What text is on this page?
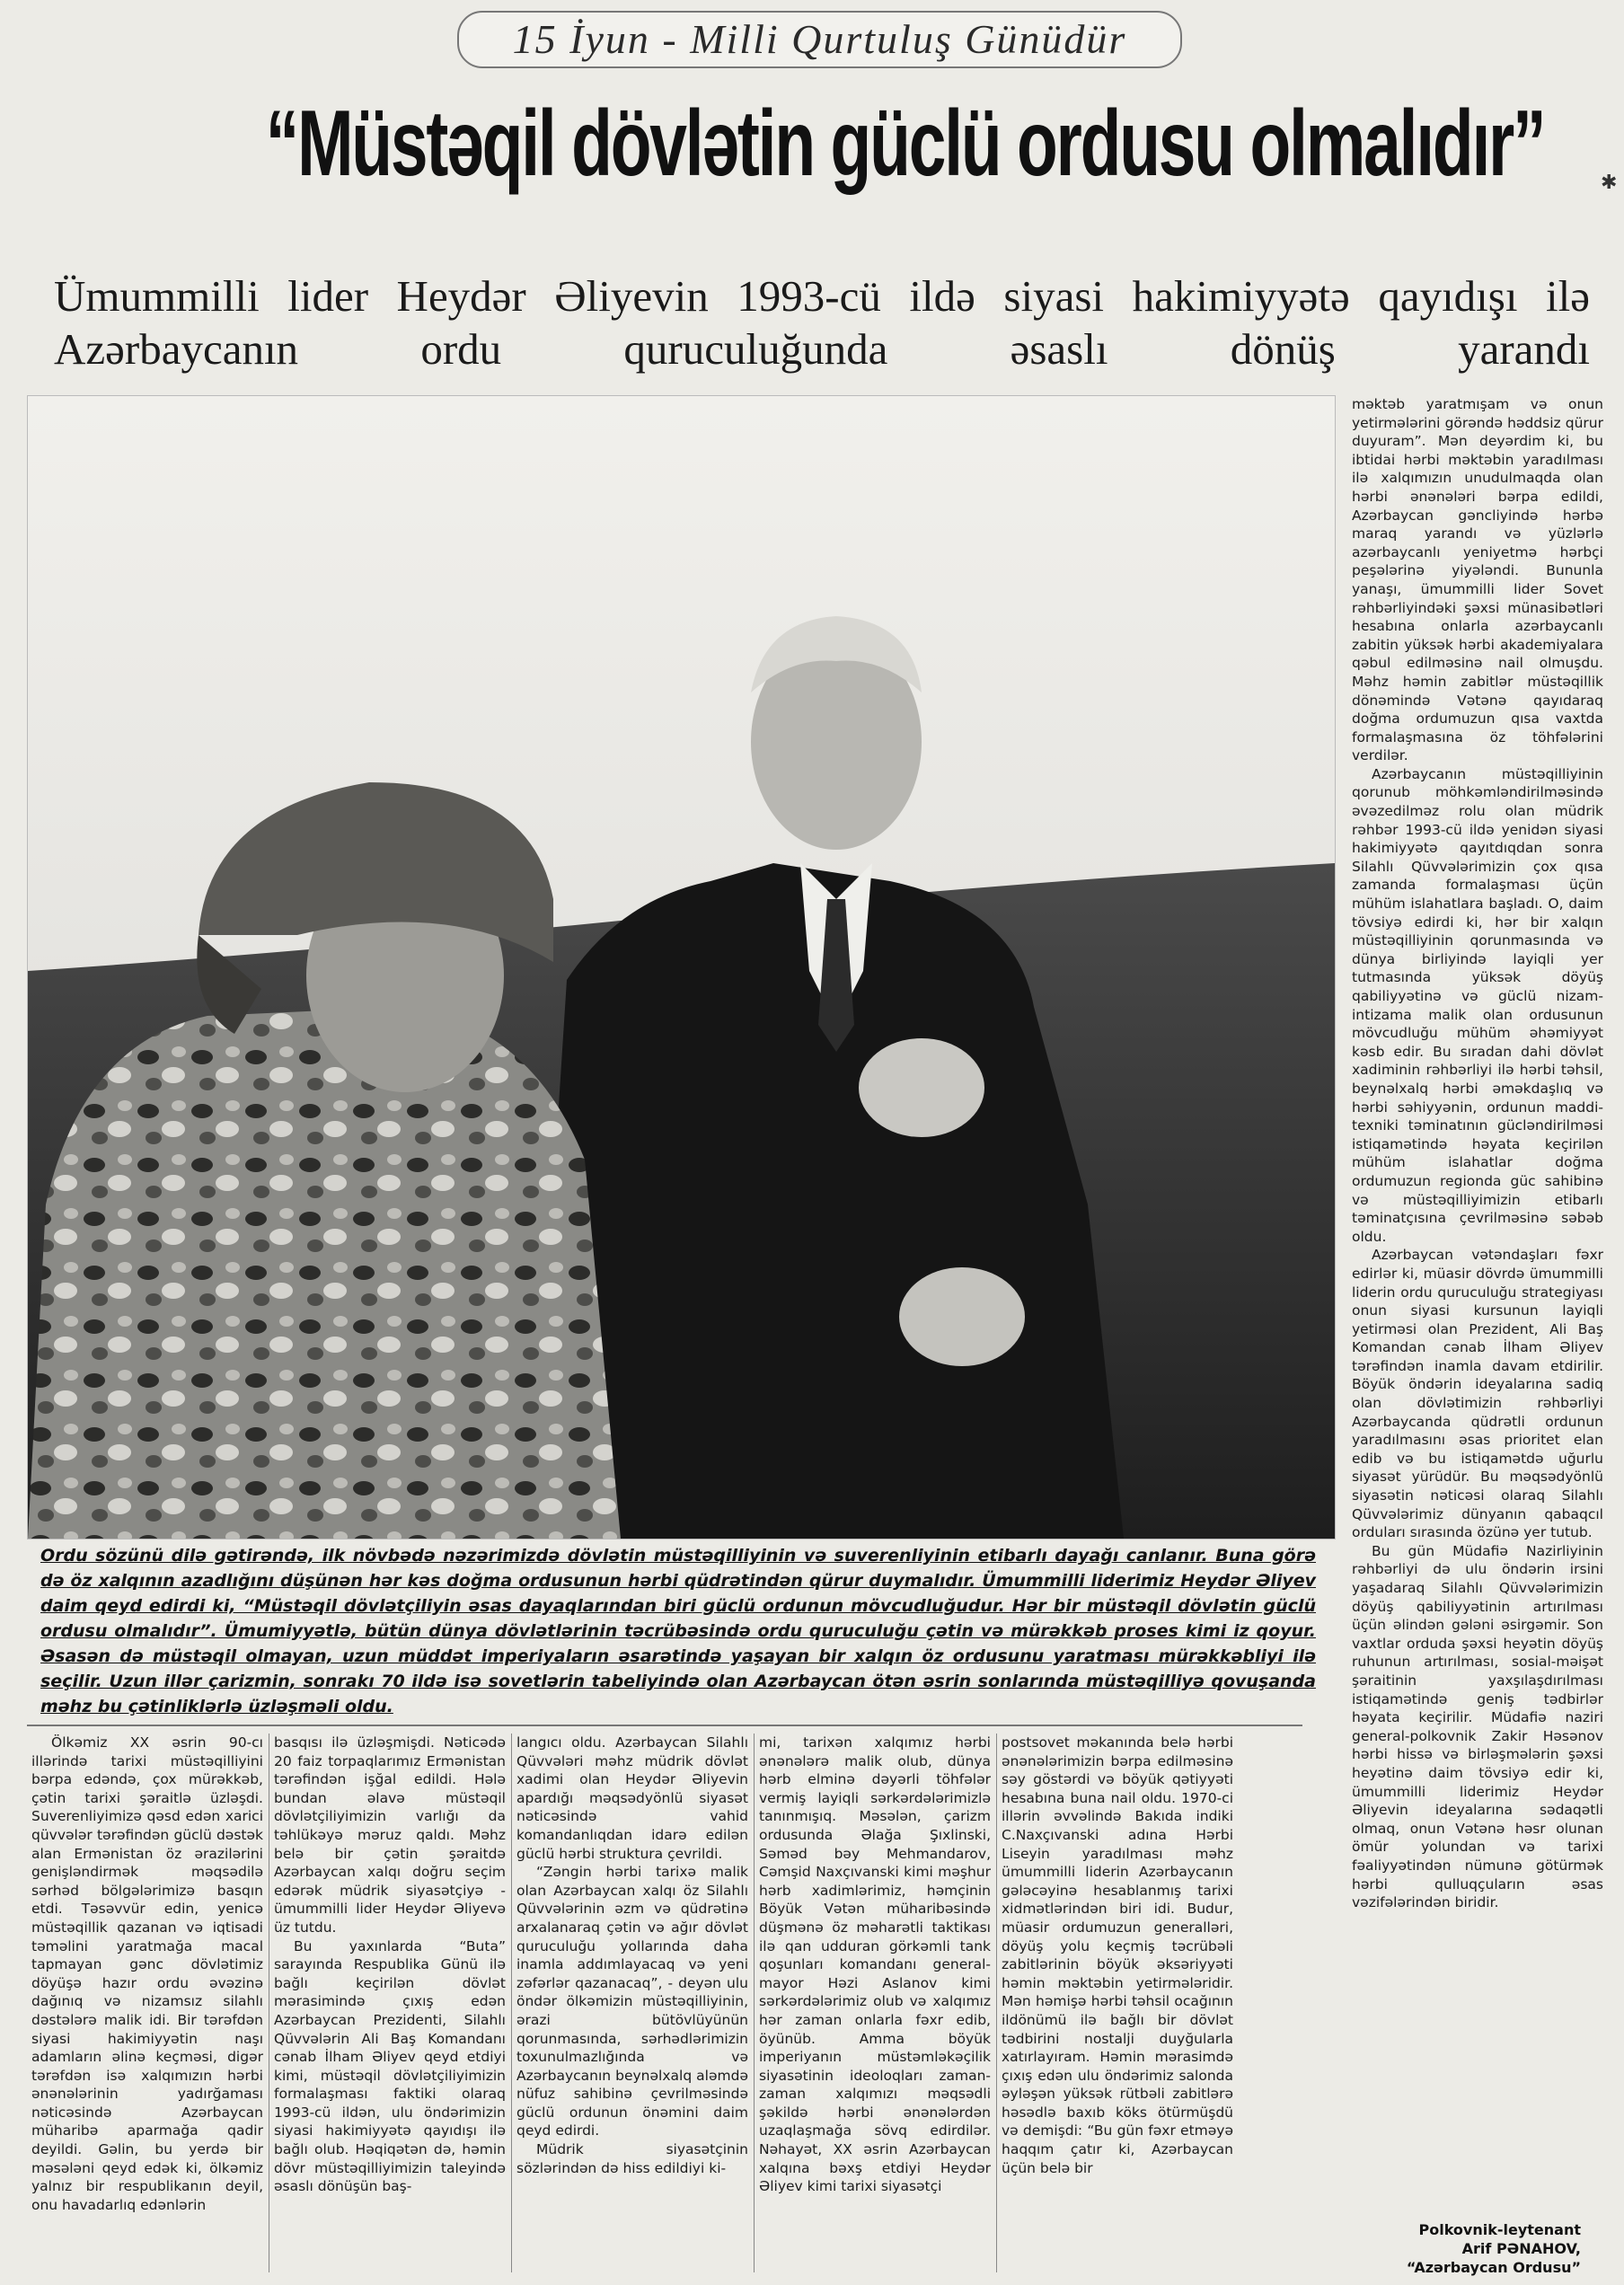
15 İyun - Milli Qurtuluş Günüdür
“Müstəqil dövlətin güclü ordusu olmalıdır”	✱
Ümummilli lider Heydər Əliyevin 1993-cü ildə siyasi hakimiyyətə qayıdışı ilə Azərbaycanın ordu quruculuğunda əsaslı dönüş yarandı

məktəb yaratmışam və onun yetirmələrini görəndə həddsiz qürur duyuram”. Mən deyərdim ki, bu ibtidai hərbi məktəbin yaradılması ilə xalqımızın unudulmaqda olan hərbi ənənələri bərpa edildi, Azərbaycan gəncliyində hərbə maraq yarandı və yüzlərlə azərbaycanlı yeniyetmə hərbçi peşələrinə yiyələndi. Bununla yanaşı, ümummilli lider Sovet rəhbərliyindəki şəxsi münasibətləri hesabına onlarla azərbaycanlı zabitin yüksək hərbi akademiyalara qəbul edilməsinə nail olmuşdu. Məhz həmin zabitlər müstəqillik dönəmində Vətənə qayıdaraq doğma ordumuzun qısa vaxtda formalaşmasına öz töhfələrini verdilər.

Azərbaycanın müstəqilliyinin qorunub möhkəmləndirilməsində əvəzedilməz rolu olan müdrik rəhbər 1993-cü ildə yenidən siyasi hakimiyyətə qayıtdıqdan sonra Silahlı Qüvvələrimizin çox qısa zamanda formalaşması üçün mühüm islahatlara başladı. O, daim tövsiyə edirdi ki, hər bir xalqın müstəqilliyinin qorunmasında və dünya birliyində layiqli yer tutmasında yüksək döyüş qabiliyyətinə və güclü nizam-intizama malik olan ordusunun mövcudluğu mühüm əhəmiyyət kəsb edir. Bu sıradan dahi dövlət xadiminin rəhbərliyi ilə hərbi təhsil, beynəlxalq hərbi əməkdaşlıq və hərbi səhiyyənin, ordunun maddi-texniki təminatının gücləndirilməsi istiqamətində həyata keçirilən mühüm islahatlar doğma ordumuzun regionda güc sahibinə və müstəqilliyimizin etibarlı təminatçısına çevrilməsinə səbəb oldu.

Azərbaycan vətəndaşları fəxr edirlər ki, müasir dövrdə ümummilli liderin ordu quruculuğu strategiyası onun siyasi kursunun layiqli yetirməsi olan Prezident, Ali Baş Komandan cənab İlham Əliyev tərəfindən inamla davam etdirilir. Böyük öndərin ideyalarına sadiq olan dövlətimizin rəhbərliyi Azərbaycanda qüdrətli ordunun yaradılmasını əsas prioritet elan edib və bu istiqamətdə uğurlu siyasət yürüdür. Bu məqsədyönlü siyasətin nəticəsi olaraq Silahlı Qüvvələrimiz dünyanın qabaqcıl orduları sırasında özünə yer tutub.

Bu gün Müdafiə Nazirliyinin rəhbərliyi də ulu öndərin irsini yaşadaraq Silahlı Qüvvələrimizin döyüş qabiliyyətinin artırılması üçün əlindən gələni əsirgəmir. Son vaxtlar orduda şəxsi heyətin döyüş ruhunun artırılması, sosial-məişət şəraitinin yaxşılaşdırılması istiqamətində geniş tədbirlər həyata keçirilir. Müdafiə naziri general-polkovnik Zakir Həsənov hərbi hissə və birləşmələrin şəxsi heyətinə daim tövsiyə edir ki, ümummilli liderimiz Heydər Əliyevin ideyalarına sədaqətli olmaq, onun Vətənə həsr olunan ömür yolundan və tarixi fəaliyyətindən nümunə götürmək hərbi qulluqçuların əsas vəzifələrindən biridir.

Ordu sözünü dilə gətirəndə, ilk növbədə nəzərimizdə dövlətin müstəqilliyinin və suverenliyinin etibarlı dayağı canlanır. Buna görə də öz xalqının azadlığını düşünən hər kəs doğma ordusunun hərbi qüdrətindən qürur duymalıdır. Ümummilli liderimiz Heydər Əliyev daim qeyd edirdi ki, “Müstəqil dövlətçiliyin əsas dayaqlarından biri güclü ordunun mövcudluğudur. Hər bir müstəqil dövlətin güclü ordusu olmalıdır”. Ümumiyyətlə, bütün dünya dövlətlərinin təcrübəsində ordu quruculuğu çətin və mürəkkəb proses kimi iz qoyur. Əsasən də müstəqil olmayan, uzun müddət imperiyaların əsarətində yaşayan bir xalqın öz ordusunu yaratması mürəkkəbliyi ilə seçilir. Uzun illər çarizmin, sonrakı 70 ildə isə sovetlərin tabeliyində olan Azərbaycan ötən əsrin sonlarında müstəqilliyə qovuşanda məhz bu çətinliklərlə üzləşməli oldu.

Ölkəmiz XX əsrin 90-cı illərində tarixi müstəqilliyini bərpa edəndə, çox mürəkkəb, çətin tarixi şəraitlə üzləşdi. Suverenliyimizə qəsd edən xarici qüvvələr tərəfindən güclü dəstək alan Ermənistan öz ərazilərini genişləndirmək məqsədilə sərhəd bölgələrimizə basqın etdi. Təsəvvür edin, yenicə müstəqillik qazanan və iqtisadi təməlini yaratmağa macal tapmayan gənc dövlətimiz döyüşə hazır ordu əvəzinə dağınıq və nizamsız silahlı dəstələrə malik idi. Bir tərəfdən siyasi hakimiyyətin naşı adamların əlinə keçməsi, digər tərəfdən isə xalqımızın hərbi ənənələrinin yadırğaması nəticəsində Azərbaycan müharibə aparmağa qadir deyildi. Gəlin, bu yerdə bir məsələni qeyd edək ki, ölkəmiz yalnız bir respublikanın deyil, onu havadarlıq edənlərin

basqısı ilə üzləşmişdi. Nəticədə 20 faiz torpaqlarımız Ermənistan tərəfindən işğal edildi. Hələ bundan əlavə müstəqil dövlətçiliyimizin varlığı da təhlükəyə məruz qaldı. Məhz belə bir çətin şəraitdə Azərbaycan xalqı doğru seçim edərək müdrik siyasətçiyə - ümummilli lider Heydər Əliyevə üz tutdu.

Bu yaxınlarda “Buta” sarayında Respublika Günü ilə bağlı keçirilən dövlət mərasimində çıxış edən Azərbaycan Prezidenti, Silahlı Qüvvələrin Ali Baş Komandanı cənab İlham Əliyev qeyd etdiyi kimi, müstəqil dövlətçiliyimizin formalaşması faktiki olaraq 1993-cü ildən, ulu öndərimizin siyasi hakimiyyətə qayıdışı ilə bağlı olub. Həqiqətən də, həmin dövr müstəqilliyimizin taleyində əsaslı dönüşün baş-

langıcı oldu. Azərbaycan Silahlı Qüvvələri məhz müdrik dövlət xadimi olan Heydər Əliyevin apardığı məqsədyönlü siyasət nəticəsində vahid komandanlıqdan idarə edilən güclü hərbi struktura çevrildi.

“Zəngin hərbi tarixə malik olan Azərbaycan xalqı öz Silahlı Qüvvələrinin əzm və qüdrətinə arxalanaraq çətin və ağır dövlət quruculuğu yollarında daha inamla addımlayacaq və yeni zəfərlər qazanacaq”, - deyən ulu öndər ölkəmizin müstəqilliyinin, ərazi bütövlüyünün qorunmasında, sərhədlərimizin toxunulmazlığında və Azərbaycanın beynəlxalq aləmdə nüfuz sahibinə çevrilməsində güclü ordunun önəmini daim qeyd edirdi.

Müdrik siyasətçinin sözlərindən də hiss edildiyi ki-

mi, tarixən xalqımız hərbi ənənələrə malik olub, dünya hərb elminə dəyərli töhfələr vermiş layiqli sərkərdələrimizlə tanınmışıq. Məsələn, çarizm ordusunda Əlağa Şıxlinski, Səməd bəy Mehmandarov, Cəmşid Naxçıvanski kimi məşhur hərb xadimlərimiz, həmçinin Böyük Vətən müharibəsində düşmənə öz məharətli taktikası ilə qan udduran görkəmli tank qoşunları komandanı general-mayor Həzi Aslanov kimi sərkərdələrimiz olub və xalqımız hər zaman onlarla fəxr edib, öyünüb. Amma böyük imperiyanın müstəmləkəçilik siyasətinin ideoloqları zaman-zaman xalqımızı məqsədli şəkildə hərbi ənənələrdən uzaqlaşmağa sövq edirdilər. Nəhayət, XX əsrin Azərbaycan xalqına bəxş etdiyi Heydər Əliyev kimi tarixi siyasətçi

postsovet məkanında belə hərbi ənənələrimizin bərpa edilməsinə səy göstərdi və böyük qətiyyəti hesabına buna nail oldu. 1970-ci illərin əvvəlində Bakıda indiki C.Naxçıvanski adına Hərbi Liseyin yaradılması məhz ümummilli liderin Azərbaycanın gələcəyinə hesablanmış tarixi xidmətlərindən biri idi. Budur, müasir ordumuzun generalləri, döyüş yolu keçmiş təcrübəli zabitlərinin böyük əksəriyyəti həmin məktəbin yetirmələridir. Mən həmişə hərbi təhsil ocağının ildönümü ilə bağlı bir dövlət tədbirini nostalji duyğularla xatırlayıram. Həmin mərasimdə çıxış edən ulu öndərimiz salonda əyləşən yüksək rütbəli zabitlərə həsədlə baxıb köks ötürmüşdü və demişdi: “Bu gün fəxr etməyə haqqım çatır ki, Azərbaycan üçün belə bir

Polkovnik-leytenant
Arif PƏNAHOV,
“Azərbaycan Ordusu”
